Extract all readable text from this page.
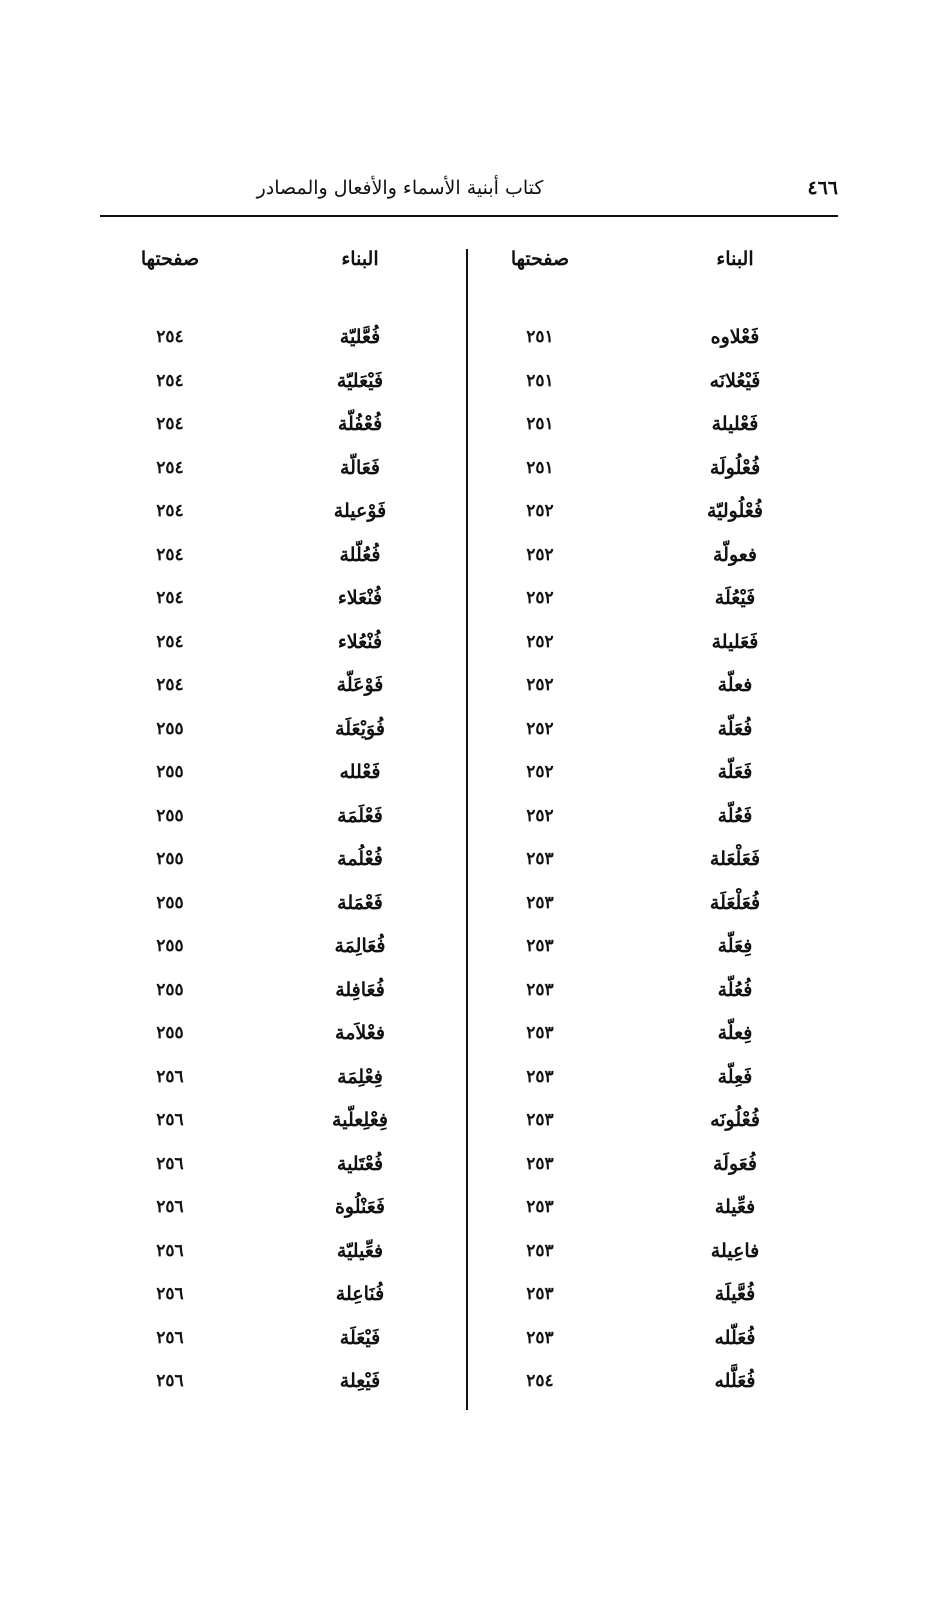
كتاب أبنية الأسماء والأفعال والمصادر	٤٦٦
البناء
صفحتها
البناء
صفحتها
فَعْلاوه
٢٥١
فَيْعُلانَه
٢٥١
فَعْليلة
٢٥١
فُعْلُولَة
٢٥١
فُعْلُوليّة
٢٥٢
فعولّة
٢٥٢
فَيْعُلَة
٢٥٢
فَعَليلة
٢٥٢
فعلّة
٢٥٢
فُعَلّة
٢٥٢
فَعَلّة
٢٥٢
فَعُلّة
٢٥٢
فَعَلْعَلة
٢٥٣
فُعَلْعَلَة
٢٥٣
فِعَلّة
٢٥٣
فُعُلّة
٢٥٣
فِعلّة
٢٥٣
فَعِلّة
٢٥٣
فُعْلُونَه
٢٥٣
فُعَولَة
٢٥٣
فعِّيلة
٢٥٣
فاعِيلة
٢٥٣
فُعَّيلَة
٢٥٣
فُعَلّله
٢٥٣
فُعَلَّله
٢٥٤
فُعَّليّة
٢٥٤
فَيْعَليّة
٢٥٤
فُعْفُلّة
٢٥٤
فَعَالّة
٢٥٤
فَوْعيلة
٢٥٤
فُعُلّلة
٢٥٤
فُنْعَلاء
٢٥٤
فُنْعُلاء
٢٥٤
فَوْعَلّة
٢٥٤
فُوَيْعَلَة
٢٥٥
فَعْلله
٢٥٥
فَعْلَمَة
٢٥٥
فُعْلُمة
٢٥٥
فَعْمَلة
٢٥٥
فُعَالِمَة
٢٥٥
فُعَافِلة
٢٥٥
فعْلاَمة
٢٥٥
فِعْلِمَة
٢٥٦
فِعْلِعلّية
٢٥٦
فُعْتَلية
٢٥٦
فَعَنْلُوة
٢٥٦
فعِّيليّة
٢٥٦
فُنَاعِلة
٢٥٦
فَيْعَلَة
٢٥٦
فَيْعِلة
٢٥٦
